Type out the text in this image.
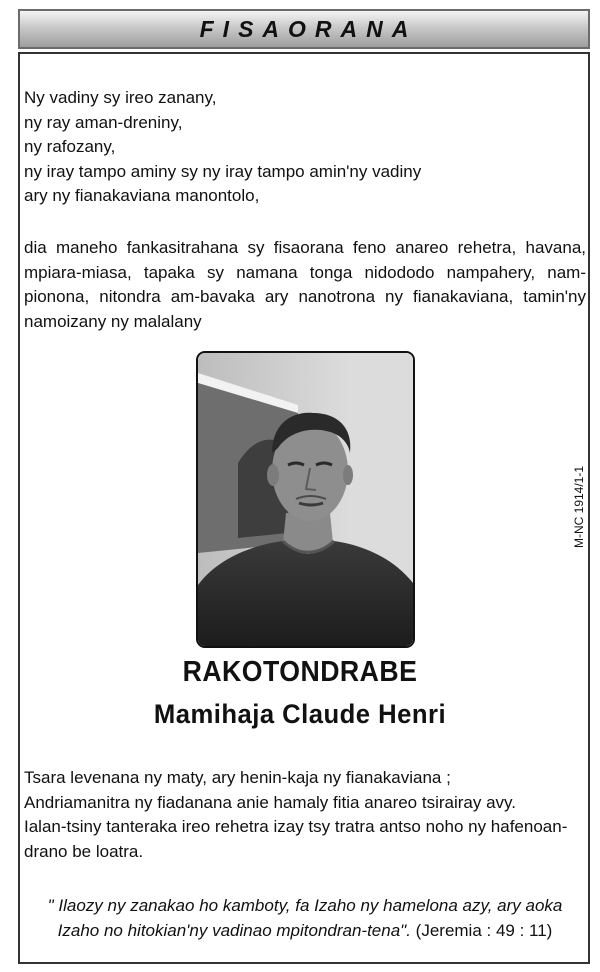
FISAORANA
Ny vadiny sy ireo zanany,
ny ray aman-dreniny,
ny rafozany,
ny iray tampo aminy sy ny iray tampo amin'ny vadiny
ary ny fianakaviana manontolo,
dia maneho fankasitrahana sy fisaorana feno anareo rehetra, havana, mpiara-miasa, tapaka sy namana tonga nidododo nampahery, nam-pionona, nitondra am-bavaka ary nanotrona ny fianakaviana, tamin'ny namoizany ny malalany
M-NC 1914/1-1
RAKOTONDRABE
Mamihaja Claude Henri
Tsara levenana ny maty, ary henin-kaja ny fianakaviana ;
Andriamanitra ny fiadanana anie hamaly fitia anareo tsirairay avy.
Ialan-tsiny tanteraka ireo rehetra izay tsy tratra antso noho ny hafenoan-
drano be loatra.
" Ilaozy ny zanakao ho kamboty, fa Izaho ny hamelona azy, ary aoka
Izaho no hitokian'ny vadinao mpitondran-tena". (Jeremia : 49 : 11)
